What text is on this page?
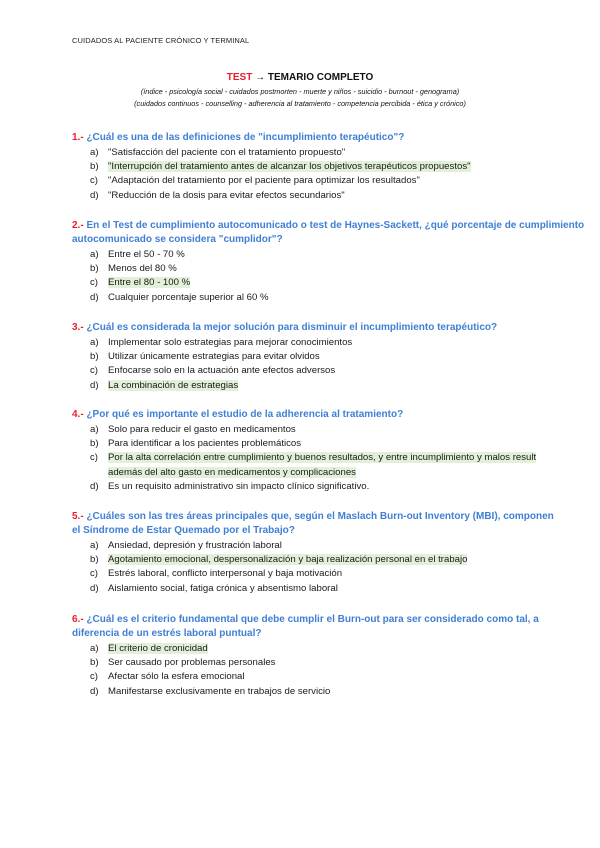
CUIDADOS AL PACIENTE CRÓNICO Y TERMINAL
TEST → TEMARIO COMPLETO
(índice - psicología social - cuidados postmorten - muerte y niños - suicidio - burnout - genograma)
(cuidados continuos - counselling - adherencia al tratamiento - competencia percibida - ética y crónico)
1.- ¿Cuál es una de las definiciones de "incumplimiento terapéutico"?
a) "Satisfacción del paciente con el tratamiento propuesto"
b) "Interrupción del tratamiento antes de alcanzar los objetivos terapéuticos propuestos"
c) "Adaptación del tratamiento por el paciente para optimizar los resultados"
d) "Reducción de la dosis para evitar efectos secundarios"
2.- En el Test de cumplimiento autocomunicado o test de Haynes-Sackett, ¿qué porcentaje de cumplimiento autocomunicado se considera "cumplidor"?
a) Entre el 50 - 70 %
b) Menos del 80 %
c) Entre el 80 - 100 %
d) Cualquier porcentaje superior al 60 %
3.- ¿Cuál es considerada la mejor solución para disminuir el incumplimiento terapéutico?
a) Implementar solo estrategias para mejorar conocimientos
b) Utilizar únicamente estrategias para evitar olvidos
c) Enfocarse solo en la actuación ante efectos adversos
d) La combinación de estrategias
4.- ¿Por qué es importante el estudio de la adherencia al tratamiento?
a) Solo para reducir el gasto en medicamentos
b) Para identificar a los pacientes problemáticos
c) Por la alta correlación entre cumplimiento y buenos resultados, y entre incumplimiento y malos result
además del alto gasto en medicamentos y complicaciones
d) Es un requisito administrativo sin impacto clínico significativo.
5.- ¿Cuáles son las tres áreas principales que, según el Maslach Burn-out Inventory (MBI), componen el Síndrome de Estar Quemado por el Trabajo?
a) Ansiedad, depresión y frustración laboral
b) Agotamiento emocional, despersonalización y baja realización personal en el trabajo
c) Estrés laboral, conflicto interpersonal y baja motivación
d) Aislamiento social, fatiga crónica y absentismo laboral
6.- ¿Cuál es el criterio fundamental que debe cumplir el Burn-out para ser considerado como tal, a diferencia de un estrés laboral puntual?
a) El criterio de cronicidad
b) Ser causado por problemas personales
c) Afectar sólo la esfera emocional
d) Manifestarse exclusivamente en trabajos de servicio
